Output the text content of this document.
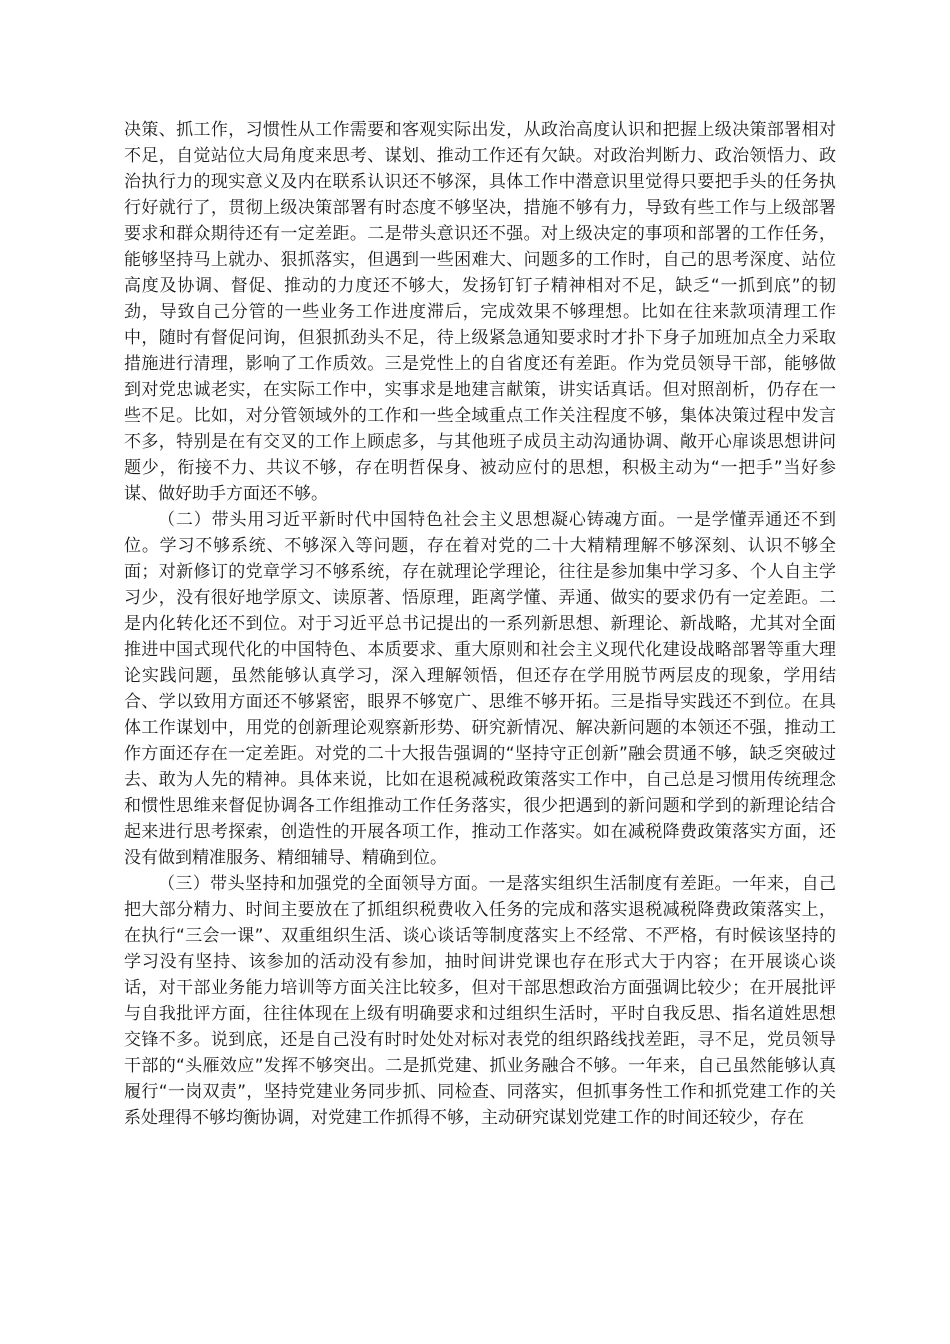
决策、抓工作，习惯性从工作需要和客观实际出发，从政治高度认识和把握上级决策部署相对不足，自觉站位大局角度来思考、谋划、推动工作还有欠缺。对政治判断力、政治领悟力、政治执行力的现实意义及内在联系认识还不够深，具体工作中潜意识里觉得只要把手头的任务执行好就行了，贯彻上级决策部署有时态度不够坚决，措施不够有力，导致有些工作与上级部署要求和群众期待还有一定差距。二是带头意识还不强。对上级决定的事项和部署的工作任务，能够坚持马上就办、狠抓落实，但遇到一些困难大、问题多的工作时，自己的思考深度、站位高度及协调、督促、推动的力度还不够大，发扬钉钉子精神相对不足，缺乏“一抓到底”的韧劲，导致自己分管的一些业务工作进度滞后，完成效果不够理想。比如在往来款项清理工作中，随时有督促问询，但狠抓劲头不足，待上级紧急通知要求时才扑下身子加班加点全力采取措施进行清理，影响了工作质效。三是党性上的自省度还有差距。作为党员领导干部，能够做到对党忠诚老实，在实际工作中，实事求是地建言献策，讲实话真话。但对照剖析，仍存在一些不足。比如，对分管领域外的工作和一些全域重点工作关注程度不够，集体决策过程中发言不多，特别是在有交叉的工作上顾虑多，与其他班子成员主动沟通协调、敞开心扉谈思想讲问题少，衔接不力、共议不够，存在明哲保身、被动应付的思想，积极主动为“一把手”当好参谋、做好助手方面还不够。

（二）带头用习近平新时代中国特色社会主义思想凝心铸魂方面。一是学懂弄通还不到位。学习不够系统、不够深入等问题，存在着对党的二十大精精理解不够深刻、认识不够全面；对新修订的党章学习不够系统，存在就理论学理论，往往是参加集中学习多、个人自主学习少，没有很好地学原文、读原著、悟原理，距离学懂、弄通、做实的要求仍有一定差距。二是内化转化还不到位。对于习近平总书记提出的一系列新思想、新理论、新战略，尤其对全面推进中国式现代化的中国特色、本质要求、重大原则和社会主义现代化建设战略部署等重大理论实践问题，虽然能够认真学习，深入理解领悟，但还存在学用脱节两层皮的现象，学用结合、学以致用方面还不够紧密，眼界不够宽广、思维不够开拓。三是指导实践还不到位。在具体工作谋划中，用党的创新理论观察新形势、研究新情况、解决新问题的本领还不强，推动工作方面还存在一定差距。对党的二十大报告强调的“坚持守正创新”融会贯通不够，缺乏突破过去、敢为人先的精神。具体来说，比如在退税减税政策落实工作中，自己总是习惯用传统理念和惯性思维来督促协调各工作组推动工作任务落实，很少把遇到的新问题和学到的新理论结合起来进行思考探索，创造性的开展各项工作，推动工作落实。如在减税降费政策落实方面，还没有做到精准服务、精细辅导、精确到位。

（三）带头坚持和加强党的全面领导方面。一是落实组织生活制度有差距。一年来，自己把大部分精力、时间主要放在了抓组织税费收入任务的完成和落实退税减税降费政策落实上，在执行“三会一课”、双重组织生活、谈心谈话等制度落实上不经常、不严格，有时候该坚持的学习没有坚持、该参加的活动没有参加，抽时间讲党课也存在形式大于内容；在开展谈心谈话，对干部业务能力培训等方面关注比较多，但对干部思想政治方面强调比较少；在开展批评与自我批评方面，往往体现在上级有明确要求和过组织生活时，平时自我反思、指名道姓思想交锋不多。说到底，还是自己没有时时处处对标对表党的组织路线找差距，寻不足，党员领导干部的“头雁效应”发挥不够突出。二是抓党建、抓业务融合不够。一年来，自己虽然能够认真履行“一岗双责”，坚持党建业务同步抓、同检查、同落实，但抓事务性工作和抓党建工作的关系处理得不够均衡协调，对党建工作抓得不够，主动研究谋划党建工作的时间还较少，存在
